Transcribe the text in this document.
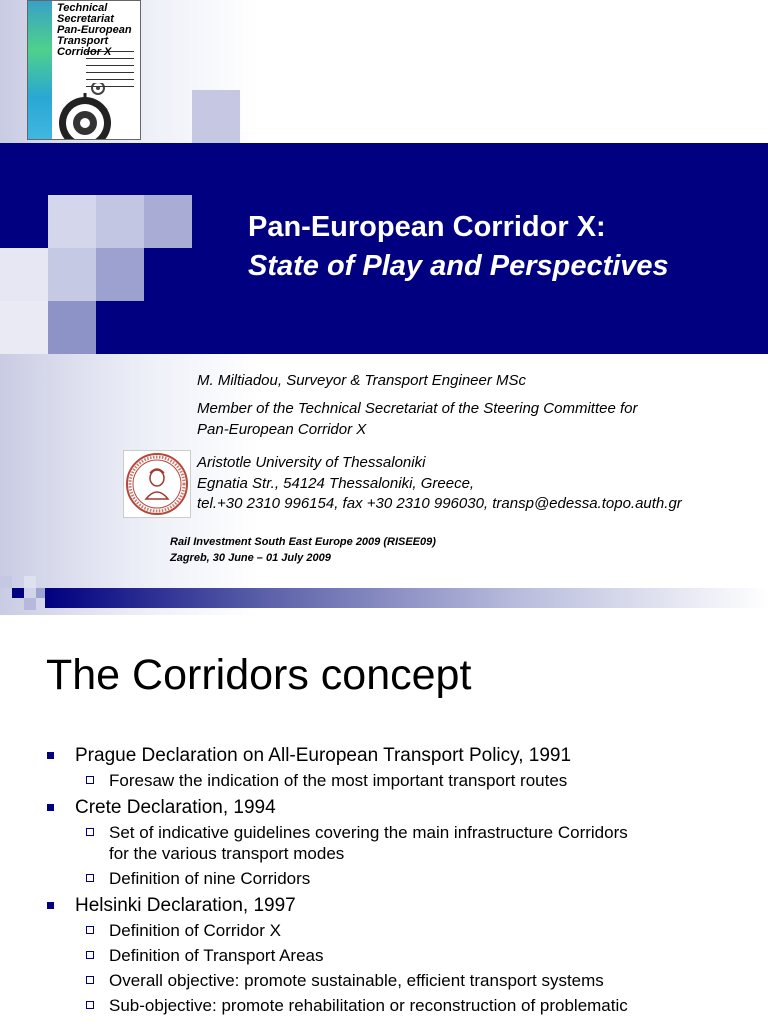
Technical
Secretariat
Pan-European
Transport
Corridor X
Pan-European Corridor X:
State of Play and Perspectives
M. Miltiadou, Surveyor & Transport Engineer MSc
Member of the Technical Secretariat of the Steering Committee for
Pan-European Corridor X
Aristotle University of Thessaloniki
Egnatia Str., 54124 Thessaloniki, Greece,
tel.+30 2310 996154, fax +30 2310 996030, transp@edessa.topo.auth.gr
Rail Investment South East Europe 2009 (RISEE09)
Zagreb, 30 June – 01 July 2009
The Corridors concept
Prague Declaration on All-European Transport Policy, 1991
Foresaw the indication of the most important transport routes
Crete Declaration, 1994
Set of indicative guidelines covering the main infrastructure Corridors
for the various transport modes
Definition of nine Corridors
Helsinki Declaration, 1997
Definition of Corridor X
Definition of Transport Areas
Overall objective: promote sustainable, efficient transport systems
Sub-objective: promote rehabilitation or reconstruction of problematic
